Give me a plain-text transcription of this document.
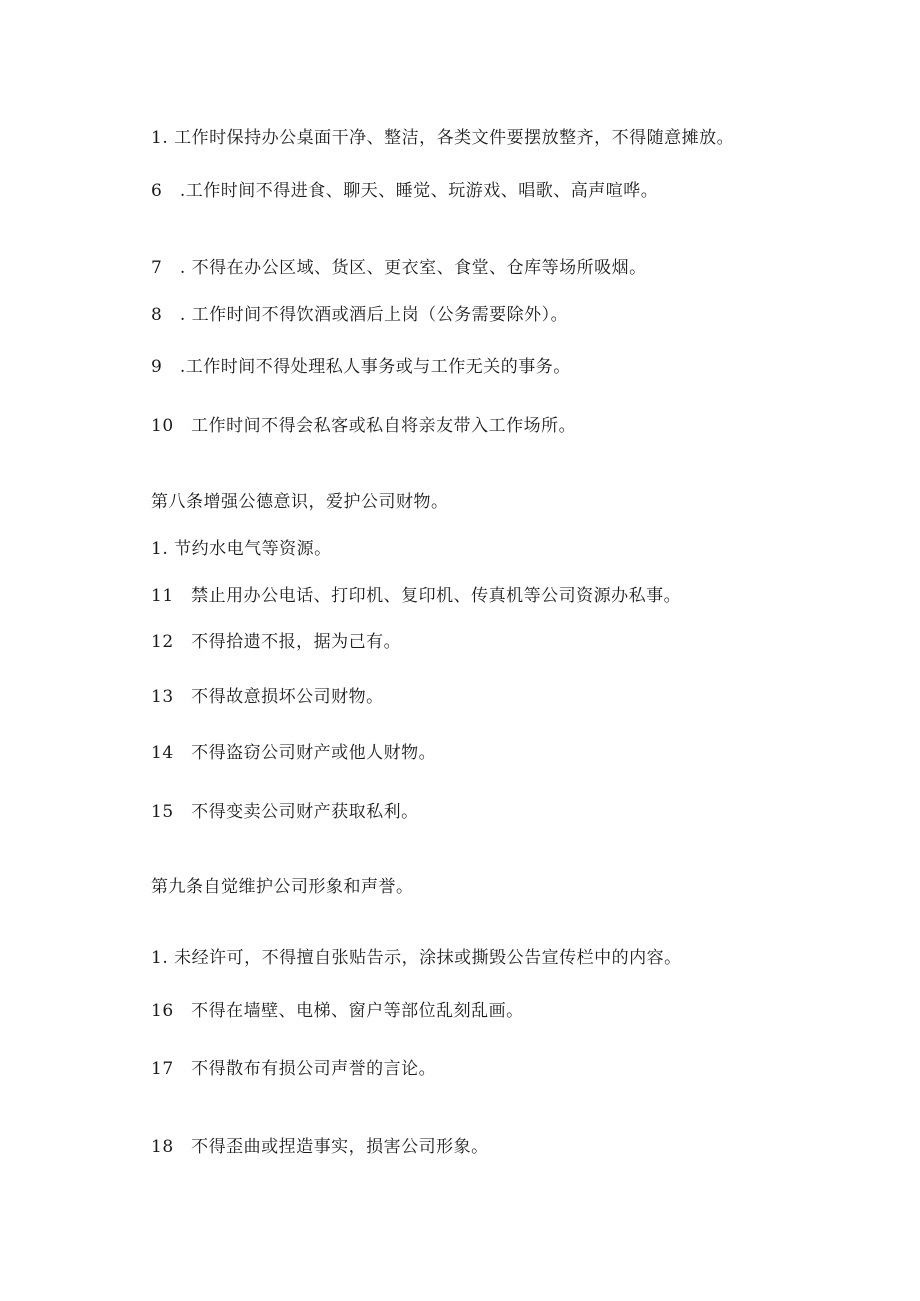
1. 工作时保持办公桌面干净、整洁，各类文件要摆放整齐，不得随意摊放。
6　.工作时间不得进食、聊天、睡觉、玩游戏、唱歌、高声喧哗。
7　. 不得在办公区域、货区、更衣室、食堂、仓库等场所吸烟。
8　. 工作时间不得饮酒或酒后上岗（公务需要除外）。
9　.工作时间不得处理私人事务或与工作无关的事务。
10　工作时间不得会私客或私自将亲友带入工作场所。
第八条增强公德意识，爱护公司财物。
1. 节约水电气等资源。
11　禁止用办公电话、打印机、复印机、传真机等公司资源办私事。
12　不得拾遗不报，据为己有。
13　不得故意损坏公司财物。
14　不得盗窃公司财产或他人财物。
15　不得变卖公司财产获取私利。
第九条自觉维护公司形象和声誉。
1. 未经许可，不得擅自张贴告示，涂抹或撕毁公告宣传栏中的内容。
16　不得在墙壁、电梯、窗户等部位乱刻乱画。
17　不得散布有损公司声誉的言论。
18　不得歪曲或捏造事实，损害公司形象。
